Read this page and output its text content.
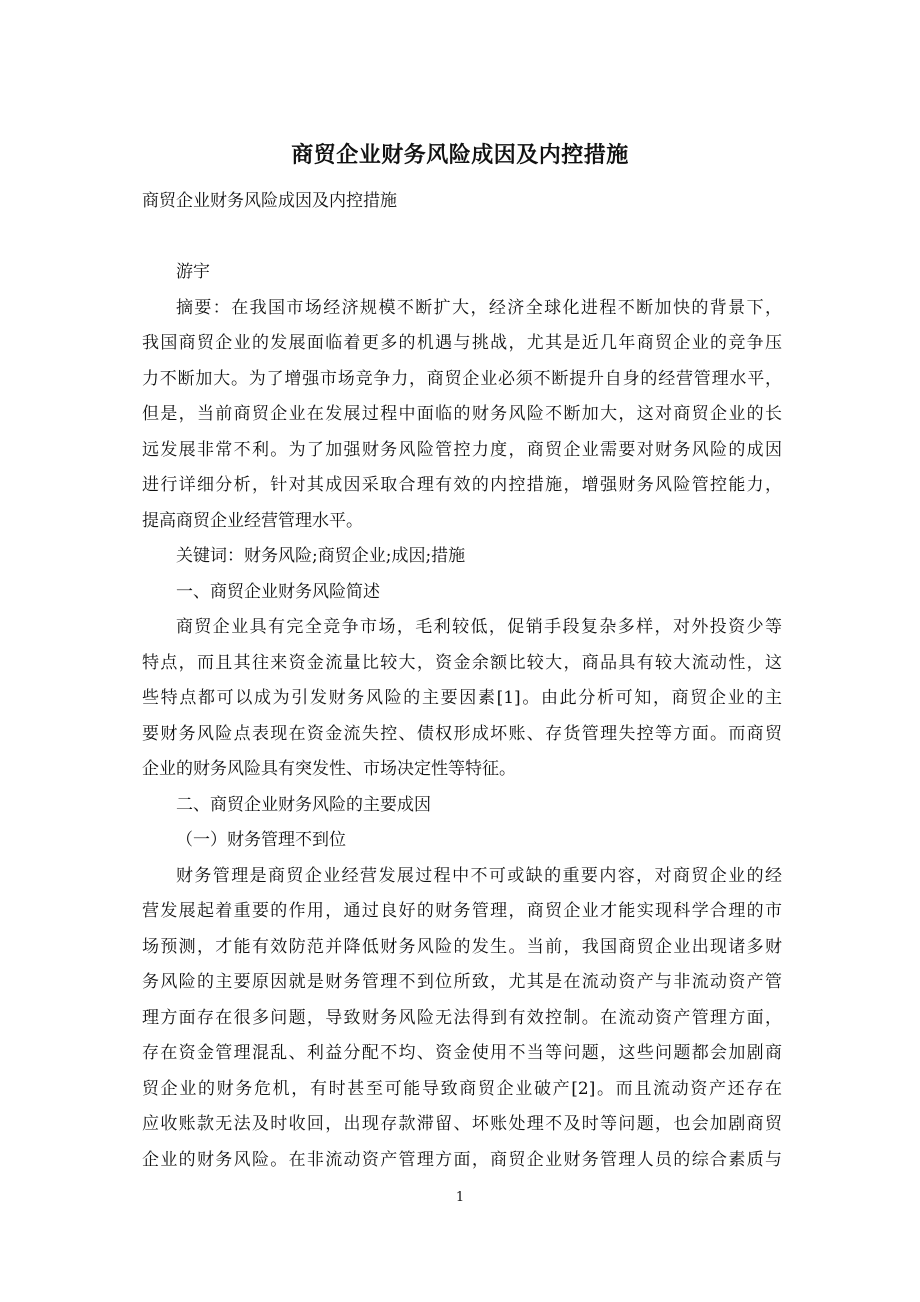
商贸企业财务风险成因及内控措施
商贸企业财务风险成因及内控措施
游宇
摘要：在我国市场经济规模不断扩大，经济全球化进程不断加快的背景下，
我国商贸企业的发展面临着更多的机遇与挑战，尤其是近几年商贸企业的竞争压
力不断加大。为了增强市场竞争力，商贸企业必须不断提升自身的经营管理水平，
但是，当前商贸企业在发展过程中面临的财务风险不断加大，这对商贸企业的长
远发展非常不利。为了加强财务风险管控力度，商贸企业需要对财务风险的成因
进行详细分析，针对其成因采取合理有效的内控措施，增强财务风险管控能力，
提高商贸企业经营管理水平。
关键词：财务风险;商贸企业;成因;措施
一、商贸企业财务风险简述
商贸企业具有完全竞争市场，毛利较低，促销手段复杂多样，对外投资少等
特点，而且其往来资金流量比较大，资金余额比较大，商品具有较大流动性，这
些特点都可以成为引发财务风险的主要因素[1]。由此分析可知，商贸企业的主
要财务风险点表现在资金流失控、债权形成坏账、存货管理失控等方面。而商贸
企业的财务风险具有突发性、市场决定性等特征。
二、商贸企业财务风险的主要成因
（一）财务管理不到位
财务管理是商贸企业经营发展过程中不可或缺的重要内容，对商贸企业的经
营发展起着重要的作用，通过良好的财务管理，商贸企业才能实现科学合理的市
场预测，才能有效防范并降低财务风险的发生。当前，我国商贸企业出现诸多财
务风险的主要原因就是财务管理不到位所致，尤其是在流动资产与非流动资产管
理方面存在很多问题，导致财务风险无法得到有效控制。在流动资产管理方面，
存在资金管理混乱、利益分配不均、资金使用不当等问题，这些问题都会加剧商
贸企业的财务危机，有时甚至可能导致商贸企业破产[2]。而且流动资产还存在
应收账款无法及时收回，出现存款滞留、坏账处理不及时等问题，也会加剧商贸
企业的财务风险。在非流动资产管理方面，商贸企业财务管理人员的综合素质与
1
